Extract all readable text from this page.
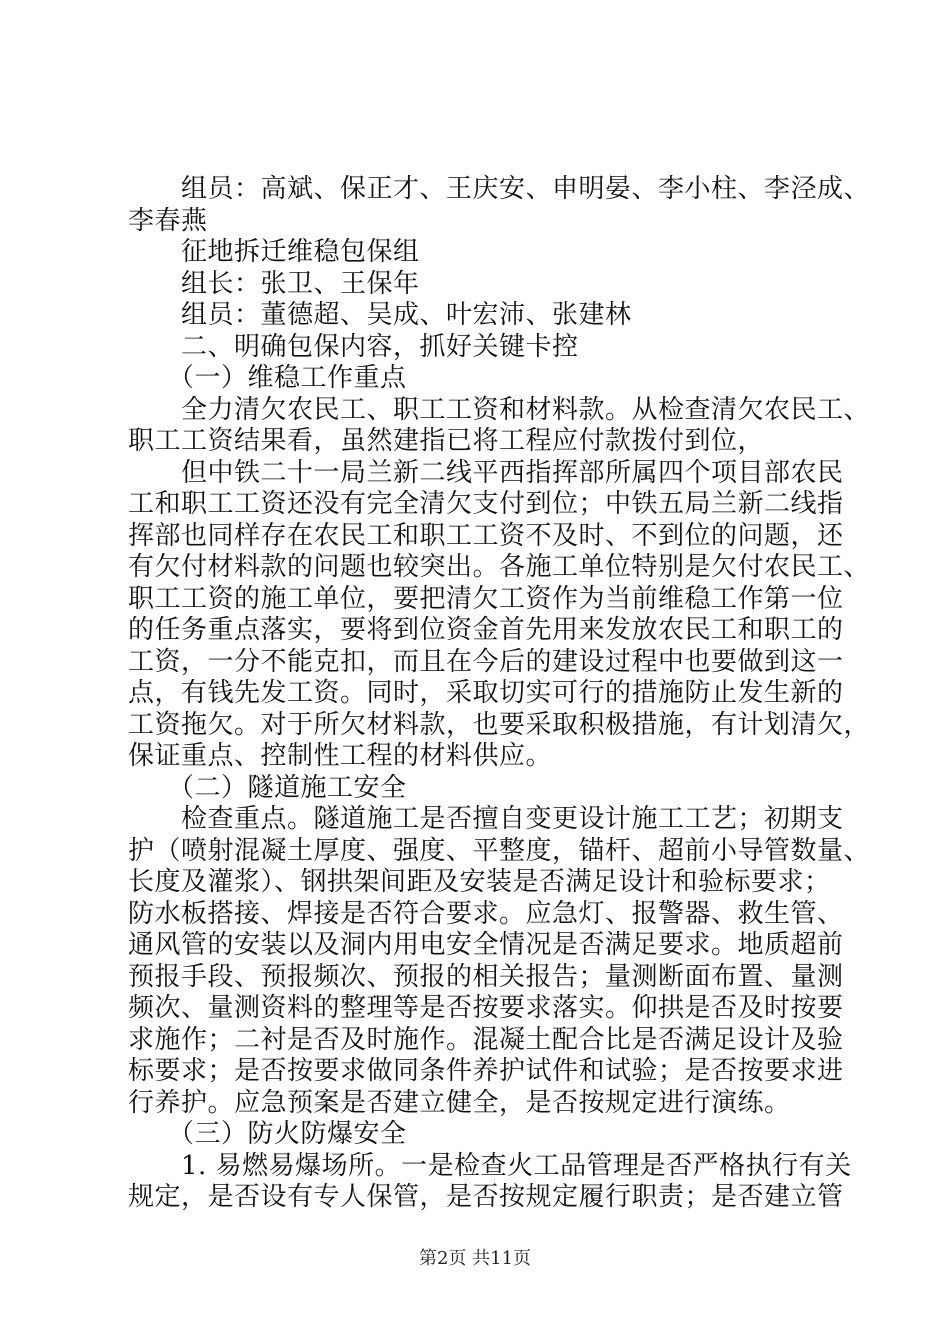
组员：高斌、保正才、王庆安、申明晏、李小柱、李泾成、
李春燕
征地拆迁维稳包保组
组长：张卫、王保年
组员：董德超、吴成、叶宏沛、张建林
二、明确包保内容，抓好关键卡控
（一）维稳工作重点
全力清欠农民工、职工工资和材料款。从检查清欠农民工、
职工工资结果看，虽然建指已将工程应付款拨付到位，
但中铁二十一局兰新二线平西指挥部所属四个项目部农民
工和职工工资还没有完全清欠支付到位；中铁五局兰新二线指
挥部也同样存在农民工和职工工资不及时、不到位的问题，还
有欠付材料款的问题也较突出。各施工单位特别是欠付农民工、
职工工资的施工单位，要把清欠工资作为当前维稳工作第一位
的任务重点落实，要将到位资金首先用来发放农民工和职工的
工资，一分不能克扣，而且在今后的建设过程中也要做到这一
点，有钱先发工资。同时，采取切实可行的措施防止发生新的
工资拖欠。对于所欠材料款，也要采取积极措施，有计划清欠，
保证重点、控制性工程的材料供应。
（二）隧道施工安全
检查重点。隧道施工是否擅自变更设计施工工艺；初期支
护（喷射混凝土厚度、强度、平整度，锚杆、超前小导管数量、
长度及灌浆）、钢拱架间距及安装是否满足设计和验标要求；
防水板搭接、焊接是否符合要求。应急灯、报警器、救生管、
通风管的安装以及洞内用电安全情况是否满足要求。地质超前
预报手段、预报频次、预报的相关报告；量测断面布置、量测
频次、量测资料的整理等是否按要求落实。仰拱是否及时按要
求施作；二衬是否及时施作。混凝土配合比是否满足设计及验
标要求；是否按要求做同条件养护试件和试验；是否按要求进
行养护。应急预案是否建立健全，是否按规定进行演练。
（三）防火防爆安全
1. 易燃易爆场所。一是检查火工品管理是否严格执行有关
规定，是否设有专人保管，是否按规定履行职责；是否建立管
第2页 共11页
